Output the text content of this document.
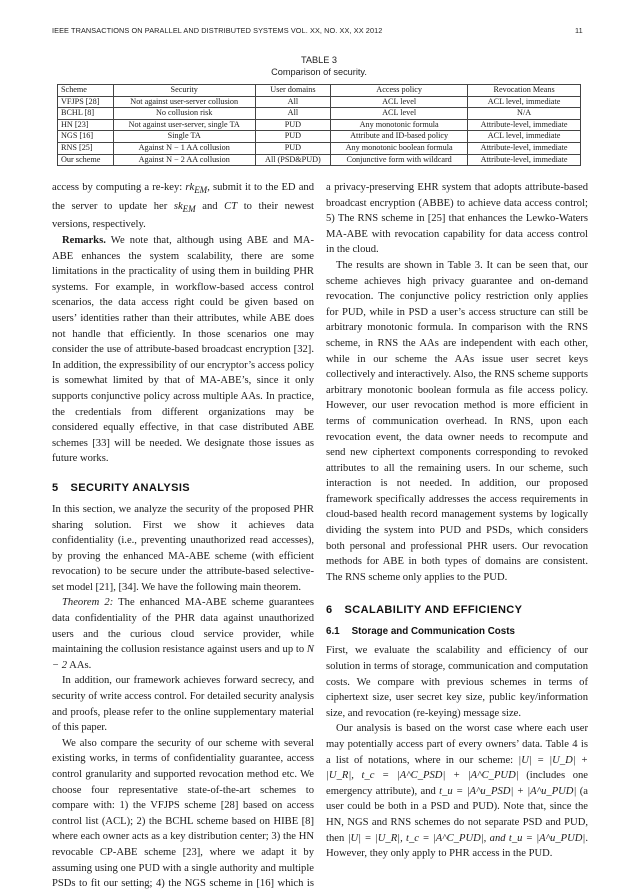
IEEE TRANSACTIONS ON PARALLEL AND DISTRIBUTED SYSTEMS VOL. XX, NO. XX, XX 2012	11
TABLE 3
Comparison of security.
Scheme	Security	User domains	Access policy	Revocation Means
VFJPS [28]	Not against user-server collusion	All	ACL level	ACL level, immediate
BCHL [8]	No collusion risk	All	ACL level	N/A
HN [23]	Not against user-server, single TA	PUD	Any monotonic formula	Attribute-level, immediate
NGS [16]	Single TA	PUD	Attribute and ID-based policy	ACL level, immediate
RNS [25]	Against N − 1 AA collusion	PUD	Any monotonic boolean formula	Attribute-level, immediate
Our scheme	Against N − 2 AA collusion	All (PSD&PUD)	Conjunctive form with wildcard	Attribute-level, immediate

access by computing a re-key: $rk_{EM}$, submit it to the ED and the server to update her $sk_{EM}$ and CT to their newest versions, respectively.

Remarks. We note that, although using ABE and MA-ABE enhances the system scalability, there are some limitations in the practicality of using them in building PHR systems. For example, in workflow-based access control scenarios, the data access right could be given based on users’ identities rather than their attributes, while ABE does not handle that efficiently. In those scenarios one may consider the use of attribute-based broadcast encryption [32]. In addition, the expressibility of our encryptor’s access policy is somewhat limited by that of MA-ABE’s, since it only supports conjunctive policy across multiple AAs. In practice, the credentials from different organizations may be considered equally effective, in that case distributed ABE schemes [33] will be needed. We designate those issues as future works.

5 SECURITY ANALYSIS

In this section, we analyze the security of the proposed PHR sharing solution. First we show it achieves data confidentiality (i.e., preventing unauthorized read accesses), by proving the enhanced MA-ABE scheme (with efficient revocation) to be secure under the attribute-based selective-set model [21], [34]. We have the following main theorem.

Theorem 2: The enhanced MA-ABE scheme guarantees data confidentiality of the PHR data against unauthorized users and the curious cloud service provider, while maintaining the collusion resistance against users and up to N − 2 AAs.

In addition, our framework achieves forward secrecy, and security of write access control. For detailed security analysis and proofs, please refer to the online supplementary material of this paper.

We also compare the security of our scheme with several existing works, in terms of confidentiality guarantee, access control granularity and supported revocation method etc. We choose four representative state-of-the-art schemes to compare with: 1) the VFJPS scheme [28] based on access control list (ACL); 2) the BCHL scheme based on HIBE [8] where each owner acts as a key distribution center; 3) the HN revocable CP-ABE scheme [23], where we adapt it by assuming using one PUD with a single authority and multiple PSDs to fit our setting; 4) the NGS scheme in [16] which is

a privacy-preserving EHR system that adopts attribute-based broadcast encryption (ABBE) to achieve data access control; 5) The RNS scheme in [25] that enhances the Lewko-Waters MA-ABE with revocation capability for data access control in the cloud.

The results are shown in Table 3. It can be seen that, our scheme achieves high privacy guarantee and on-demand revocation. The conjunctive policy restriction only applies for PUD, while in PSD a user’s access structure can still be arbitrary monotonic formula. In comparison with the RNS scheme, in RNS the AAs are independent with each other, while in our scheme the AAs issue user secret keys collectively and interactively. Also, the RNS scheme supports arbitrary monotonic boolean formula as file access policy. However, our user revocation method is more efficient in terms of communication overhead. In RNS, upon each revocation event, the data owner needs to recompute and send new ciphertext components corresponding to revoked attributes to all the remaining users. In our scheme, such interaction is not needed. In addition, our proposed framework specifically addresses the access requirements in cloud-based health record management systems by logically dividing the system into PUD and PSDs, which considers both personal and professional PHR users. Our revocation methods for ABE in both types of domains are consistent. The RNS scheme only applies to the PUD.

6 SCALABILITY AND EFFICIENCY
6.1 Storage and Communication Costs

First, we evaluate the scalability and efficiency of our solution in terms of storage, communication and computation costs. We compare with previous schemes in terms of ciphertext size, user secret key size, public key/information size, and revocation (re-keying) message size.

Our analysis is based on the worst case where each user may potentially access part of every owners’ data. Table 4 is a list of notations, where in our scheme: |U| = |U_D| + |U_R|, t_c = |A^C_PSD| + |A^C_PUD| (includes one emergency attribute), and t_u = |A^u_PSD| + |A^u_PUD| (a user could be both in a PSD and PUD). Note that, since the HN, NGS and RNS schemes do not separate PSD and PUD, then |U| = |U_R|, t_c = |A^C_PUD|, and t_u = |A^u_PUD|. However, they only apply to PHR access in the PUD.
